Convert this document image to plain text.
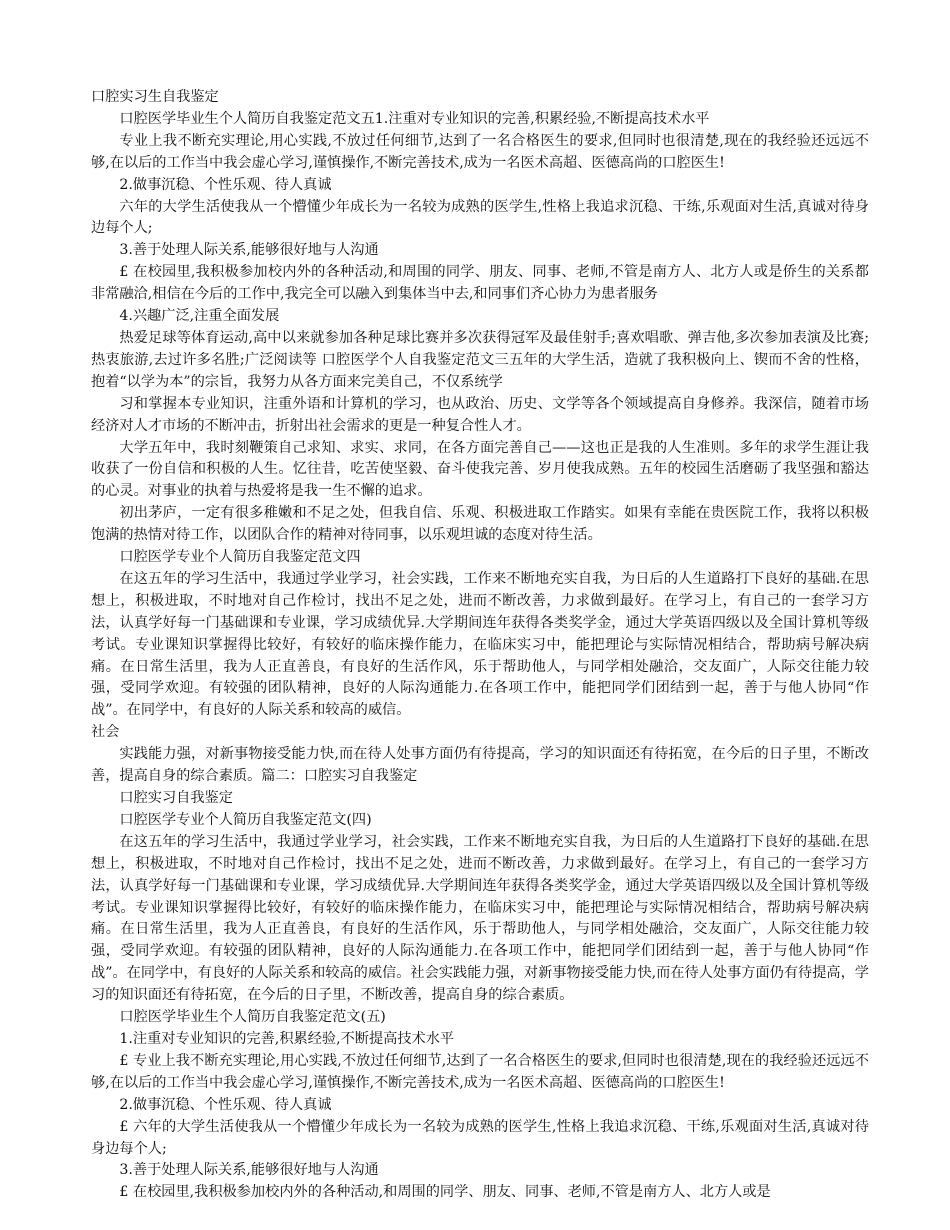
口腔实习生自我鉴定

口腔医学毕业生个人简历自我鉴定范文五1.注重对专业知识的完善,积累经验,不断提高技术水平

专业上我不断充实理论,用心实践,不放过任何细节,达到了一名合格医生的要求,但同时也很清楚,现在的我经验还远远不够,在以后的工作当中我会虚心学习,谨慎操作,不断完善技术,成为一名医术高超、医德高尚的口腔医生!

2.做事沉稳、个性乐观、待人真诚

六年的大学生活使我从一个懵懂少年成长为一名较为成熟的医学生,性格上我追求沉稳、干练,乐观面对生活,真诚对待身边每个人;

3.善于处理人际关系,能够很好地与人沟通

£ 在校园里,我积极参加校内外的各种活动,和周围的同学、朋友、同事、老师,不管是南方人、北方人或是侨生的关系都非常融洽,相信在今后的工作中,我完全可以融入到集体当中去,和同事们齐心协力为患者服务

4.兴趣广泛,注重全面发展

热爱足球等体育运动,高中以来就参加各种足球比赛并多次获得冠军及最佳射手;喜欢唱歌、弹吉他,多次参加表演及比赛;热衷旅游,去过许多名胜;广泛阅读等 口腔医学个人自我鉴定范文三五年的大学生活，造就了我积极向上、锲而不舍的性格，抱着“以学为本”的宗旨，我努力从各方面来完美自己，不仅系统学

习和掌握本专业知识，注重外语和计算机的学习，也从政治、历史、文学等各个领域提高自身修养。我深信，随着市场经济对人才市场的不断冲击，折射出社会需求的更是一种复合性人才。

大学五年中，我时刻鞭策自己求知、求实、求同，在各方面完善自己——这也正是我的人生准则。多年的求学生涯让我收获了一份自信和积极的人生。忆往昔，吃苦使坚毅、奋斗使我完善、岁月使我成熟。五年的校园生活磨砺了我坚强和豁达的心灵。对事业的执着与热爱将是我一生不懈的追求。

初出茅庐，一定有很多稚嫩和不足之处，但我自信、乐观、积极进取工作踏实。如果有幸能在贵医院工作，我将以积极饱满的热情对待工作，以团队合作的精神对待同事，以乐观坦诚的态度对待生活。

口腔医学专业个人简历自我鉴定范文四

在这五年的学习生活中，我通过学业学习，社会实践，工作来不断地充实自我，为日后的人生道路打下良好的基础.在思想上，积极进取，不时地对自己作检讨，找出不足之处，进而不断改善，力求做到最好。在学习上，有自己的一套学习方法，认真学好每一门基础课和专业课，学习成绩优异.大学期间连年获得各类奖学金，通过大学英语四级以及全国计算机等级考试。专业课知识掌握得比较好，有较好的临床操作能力，在临床实习中，能把理论与实际情况相结合，帮助病号解决病痛。在日常生活里，我为人正直善良，有良好的生活作风，乐于帮助他人，与同学相处融洽，交友面广，人际交往能力较强，受同学欢迎。有较强的团队精神，良好的人际沟通能力.在各项工作中，能把同学们团结到一起，善于与他人协同“作战”。在同学中，有良好的人际关系和较高的威信。

社会

实践能力强，对新事物接受能力快,而在待人处事方面仍有待提高，学习的知识面还有待拓宽，在今后的日子里，不断改善，提高自身的综合素质。篇二：口腔实习自我鉴定

口腔实习自我鉴定

口腔医学专业个人简历自我鉴定范文(四)

在这五年的学习生活中，我通过学业学习，社会实践，工作来不断地充实自我，为日后的人生道路打下良好的基础.在思想上，积极进取，不时地对自己作检讨，找出不足之处，进而不断改善，力求做到最好。在学习上，有自己的一套学习方法，认真学好每一门基础课和专业课，学习成绩优异.大学期间连年获得各类奖学金，通过大学英语四级以及全国计算机等级考试。专业课知识掌握得比较好，有较好的临床操作能力，在临床实习中，能把理论与实际情况相结合，帮助病号解决病痛。在日常生活里，我为人正直善良，有良好的生活作风，乐于帮助他人，与同学相处融洽，交友面广，人际交往能力较强，受同学欢迎。有较强的团队精神，良好的人际沟通能力.在各项工作中，能把同学们团结到一起，善于与他人协同“作战”。在同学中，有良好的人际关系和较高的威信。社会实践能力强，对新事物接受能力快,而在待人处事方面仍有待提高，学习的知识面还有待拓宽，在今后的日子里，不断改善，提高自身的综合素质。

口腔医学毕业生个人简历自我鉴定范文(五)

1.注重对专业知识的完善,积累经验,不断提高技术水平

£ 专业上我不断充实理论,用心实践,不放过任何细节,达到了一名合格医生的要求,但同时也很清楚,现在的我经验还远远不够,在以后的工作当中我会虚心学习,谨慎操作,不断完善技术,成为一名医术高超、医德高尚的口腔医生!

2.做事沉稳、个性乐观、待人真诚

£ 六年的大学生活使我从一个懵懂少年成长为一名较为成熟的医学生,性格上我追求沉稳、干练,乐观面对生活,真诚对待身边每个人;

3.善于处理人际关系,能够很好地与人沟通

£ 在校园里,我积极参加校内外的各种活动,和周围的同学、朋友、同事、老师,不管是南方人、北方人或是
